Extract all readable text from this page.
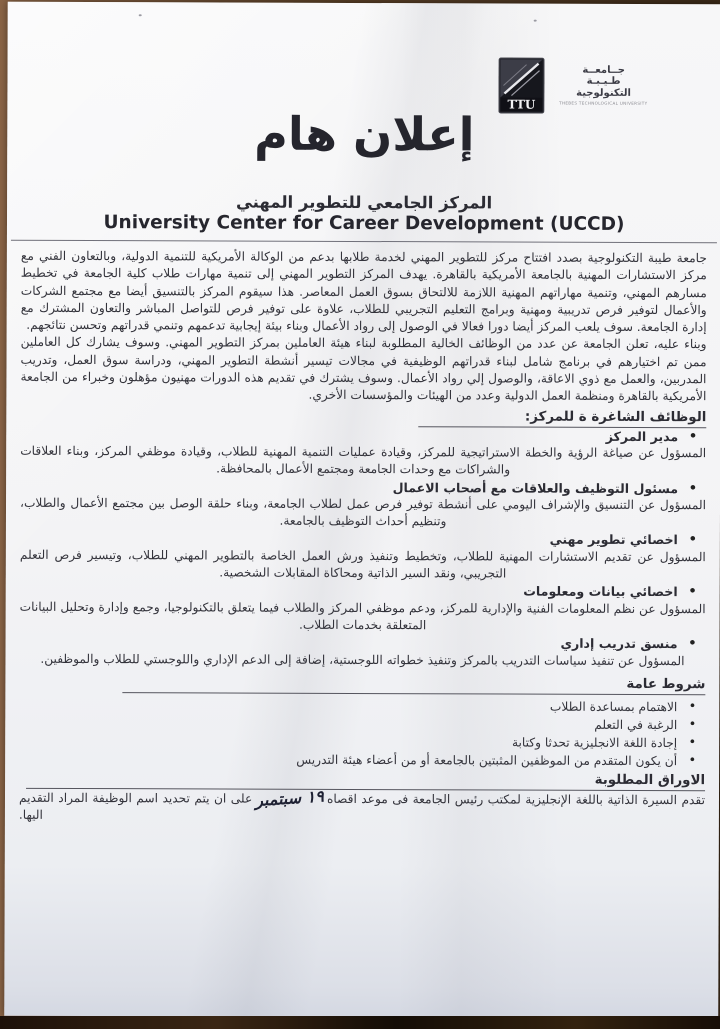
جــامعــة
طـيـبـة
التكنولوجية
THEBES TECHNOLOGICAL UNIVERSITY
TTU
إعلان هام
المركز الجامعي للتطوير المهني
University Center for Career Development (UCCD)

جامعة طيبة التكنولوجية بصدد افتتاح مركز للتطوير المهني لخدمة طلابها بدعم من الوكالة الأمريكية للتنمية الدولية، وبالتعاون الفني مع مركز الاستشارات المهنية بالجامعة الأمريكية بالقاهرة. يهدف المركز التطوير المهني إلى تنمية مهارات طلاب كلية الجامعة في تخطيط مسارهم المهني، وتنمية مهاراتهم المهنية اللازمة للالتحاق بسوق العمل المعاصر. هذا سيقوم المركز بالتنسيق أيضا مع مجتمع الشركات والأعمال لتوفير فرص تدريبية ومهنية وبرامج التعليم التجريبي للطلاب، علاوة على توفير فرص للتواصل المباشر والتعاون المشترك مع إدارة الجامعة. سوف يلعب المركز أيضا دورا فعالا في الوصول إلى رواد الأعمال وبناء بيئة إيجابية تدعمهم وتنمي قدراتهم وتحسن نتائجهم.

وبناء عليه، تعلن الجامعة عن عدد من الوظائف الخالية المطلوبة لبناء هيئة العاملين بمركز التطوير المهني. وسوف يشارك كل العاملين ممن تم اختيارهم في برنامج شامل لبناء قدراتهم الوظيفية في مجالات تيسير أنشطة التطوير المهني، ودراسة سوق العمل، وتدريب المدربين، والعمل مع ذوي الاعاقة، والوصول إلي رواد الأعمال. وسوف يشترك في تقديم هذه الدورات مهنيون مؤهلون وخبراء من الجامعة الأمريكية بالقاهرة ومنظمة العمل الدولية وعدد من الهيئات والمؤسسات الأخري.

الوظائف الشاغرة ة للمركز:
•
مدير المركز
المسؤول عن صياغة الرؤية والخطة الاستراتيجية للمركز، وقيادة عمليات التنمية المهنية للطلاب، وقيادة موظفي المركز، وبناء العلاقات والشراكات مع وحدات الجامعة ومجتمع الأعمال بالمحافظة.
•
مسئول التوظيف والعلاقات مع أصحاب الاعمال
المسؤول عن التنسيق والإشراف اليومي على أنشطة توفير فرص عمل لطلاب الجامعة، وبناء حلقة الوصل بين مجتمع الأعمال والطلاب، وتنظيم أحداث التوظيف بالجامعة.
•
اخصائي تطوير مهني
المسؤول عن تقديم الاستشارات المهنية للطلاب، وتخطيط وتنفيذ ورش العمل الخاصة بالتطوير المهني للطلاب، وتيسير فرص التعلم التجريبي، ونقد السير الذاتية ومحاكاة المقابلات الشخصية.
•
اخصائي بيانات ومعلومات
المسؤول عن نظم المعلومات الفنية والإدارية للمركز، ودعم موظفي المركز والطلاب فيما يتعلق بالتكنولوجيا، وجمع وإدارة وتحليل البيانات المتعلقة بخدمات الطلاب.
•
منسق تدريب إداري
المسؤول عن تنفيذ سياسات التدريب بالمركز وتنفيذ خطواته اللوجستية، إضافة إلى الدعم الإداري واللوجستي للطلاب والموظفين.
شروط عامة
•
الاهتمام بمساعدة الطلاب
•
الرغبة في التعلم
•
إجادة اللغة الانجليزية تحدثا وكتابة
•
أن يكون المتقدم من الموظفين المثبتين بالجامعة أو من أعضاء هيئة التدريس
الاوراق المطلوبة

تقدم السيرة الذاتية باللغة الإنجليزية لمكتب رئيس الجامعة فى موعد اقصاه١٩ سبتمبرعلى ان يتم تحديد اسم الوظيفة المراد التقديم اليها.
